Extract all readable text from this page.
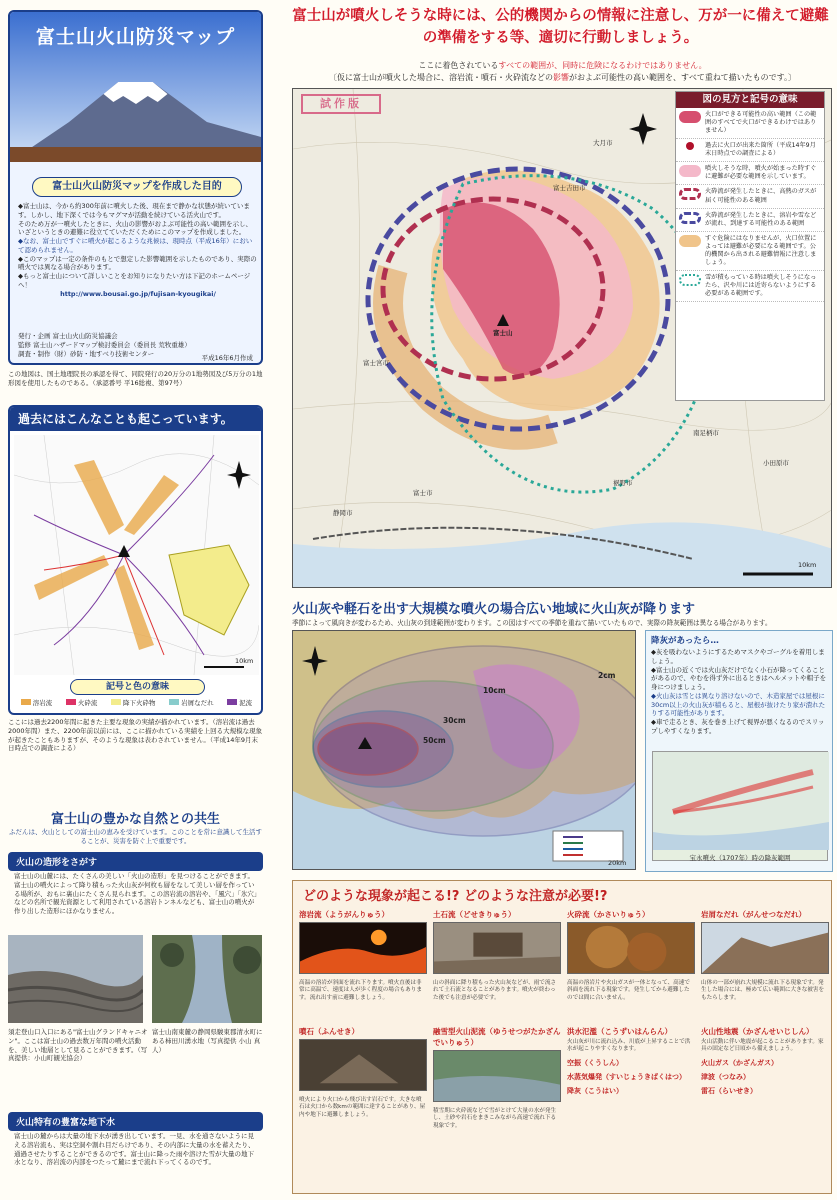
富士山火山防災マップ
富士山火山防災マップを作成した目的

◆富士山は、今から約300年前に噴火した後、現在まで静かな状態が続いています。しかし、地下深くでは今もマグマが活動を続けている活火山です。

そのため万が一噴火したときに、火山の影響がおよぶ可能性の高い範囲を示し、いざというときの避難に役立てていただくためにこのマップを作成しました。

◆なお、富士山ですぐに噴火が起こるような兆候は、現時点（平成16年）において認められません。

◆このマップは一定の条件のもとで想定した影響範囲を示したものであり、実際の噴火では異なる場合があります。

◆もっと富士山について詳しいことをお知りになりたい方は下記のホームページへ！

http://www.bousai.go.jp/fujisan-kyougikai/

発行・企画 富士山火山防災協議会

監修 富士山ハザードマップ検討委員会（委員長 荒牧重雄）

調査・制作（財）砂防・地すべり技術センター

平成16年6月作成

この地図は、国土地理院長の承認を得て、同院発行の20万分の1地勢図及び5万分の1地形図を使用したものである。（承認番号 平16総複、第97号）

過去にはこんなことも起こっています。
10km
記号と色の意味
溶岩流	火砕流	降下火砕物	岩屑なだれ	泥流

ここには過去2200年間に起きた主要な現象の実績が描かれています。（溶岩流は過去2000年間）また、2200年前以前には、ここに描かれている実績を上回る大規模な現象が起きたこともありますが、そのような現象は表わされていません。（平成14年9月末日時点での調査による）

富士山の豊かな自然との共生

ふだんは、火山としての富士山の恵みを受けています。このことを常に意識して生活することが、災害を防ぐ上で重要です。

火山の造形をさがす

富士山の山麓には、たくさんの美しい「火山の造形」を見つけることができます。富士山の噴火によって降り積もった火山灰が何枚も層をなして美しい層を作っている場所が、おもに裏山にたくさん見られます。この溶岩流の溶岩や、「風穴」「氷穴」などの名所で観光資源として利用されている溶岩トンネルなども、富士山の噴火が作り出した造形にほかなりません。

須走登山口入口にある"富士山グランドキャニオン"。ここは富士山の過去数万年間の噴火活動を、美しい地層として見ることができます。（写真提供：小山町観光協会）

富士山南東麓の静岡県駿東郡清水町にある柿田川湧水地（写真提供 小山 真人）

火山特有の豊富な地下水

富士山の麓からは大量の地下水が湧き出しています。一見、水を通さないように見える溶岩流も、実は空洞や割れ目だらけであり、その内部に大量の水を蓄えたり、通過させたりすることができるのです。富士山に降った雨や溶けた雪が大量の地下水となり、溶岩流の内部をつたって麓にまで流れ下ってくるのです。

富士山が噴火しそうな時には、公的機関からの情報に注意し、万が一に備えて避難の準備をする等、適切に行動しましょう。

ここに着色されているすべての範囲が、同時に危険になるわけではありません。

〔仮に富士山が噴火した場合に、溶岩流・噴石・火砕流などの影響がおよぶ可能性の高い範囲を、すべて重ねて描いたものです。〕

試作版
富士山
富士吉田市
富士宮市
富士市
裾野市
南足柄市
小田原市
静岡市
大月市
10km
図の見方と記号の意味
火口ができる可能性の高い範囲（この範囲のすべてで火口ができるわけではありません）
過去に火口が出来た箇所（平成14年9月末日時点での調査による）
噴火しそうな時、噴火が始まった時すぐに避難が必要な範囲を示しています。
火砕流が発生したときに、高熱のガスが届く可能性のある範囲
火砕流が発生したときに、溶岩や雪などが流れ、到達する可能性のある範囲
すぐ危険にはなりませんが、火口位置によっては避難が必要になる範囲です。公的機関から出される避難情報に注意しましょう。
雪が積もっている時は噴火しそうになったら、沢や川には近寄らないようにする必要がある範囲です。
火山灰や軽石を出す大規模な噴火の場合広い地域に火山灰が降ります

季節によって風向きが変わるため、火山灰の到達範囲が変わります。この図はすべての季節を重ねて描いていたもので、実際の降灰範囲は異なる場合があります。

2cm
10cm
30cm
50cm
20km
降灰があったら…

◆灰を吸わないようにするためマスクやゴーグルを着用しましょう。

◆富士山の近くでは火山灰だけでなく小石が降ってくることがあるので、やむを得ず外に出るときはヘルメットや帽子を身につけましょう。

◆火山灰は雪とは異なり溶けないので、木造家屋では屋根に30cm以上の火山灰が積もると、屋根が抜けたり家が潰れたりする可能性があります。

◆車で走るとき、灰を巻き上げて視界が悪くなるのでスリップしやすくなります。

宝永噴火（1707年）時の降灰範囲

どのような現象が起こる!? どのような注意が必要!?
溶岩流（ようがんりゅう）

高温の溶岩が斜面を流れ下ります。噴火直後は非常に高温で、速度は人が歩く程度の場合もあります。流れ出す前に避難しましょう。

土石流（どせきりゅう）

山の斜面に降り積もった火山灰などが、雨で流されて土石流となることがあります。噴火が終わった後でも注意が必要です。

火砕流（かさいりゅう）

高温の溶岩片や火山ガスが一体となって、高速で斜面を流れ下る現象です。発生してから避難したのでは間に合いません。

岩屑なだれ（がんせつなだれ）

山体の一部が崩れ大規模に流れ下る現象です。発生した場合には、極めて広い範囲に大きな被害をもたらします。

噴石（ふんせき）

噴火により火口から飛び出す岩石です。大きな噴石は火口から数kmの範囲に達することがあり、屋内や地下に避難しましょう。

融雪型火山泥流（ゆうせつがたかざんでいりゅう）

積雪期に火砕流などで雪がとけて大量の水が発生し、土砂や岩石をまきこみながら高速で流れ下る現象です。

洪水氾濫（こうずいはんらん）

火山灰が川に流れ込み、川底が上昇することで洪水が起こりやすくなります。

空振（くうしん）
水蒸気爆発（すいじょうきばくはつ）
降灰（こうはい）
火山性地震（かざんせいじしん）

火山活動に伴い地震が起こることがあります。家具の固定など日頃から備えましょう。

火山ガス（かざんガス）
津波（つなみ）
雷石（らいせき）
